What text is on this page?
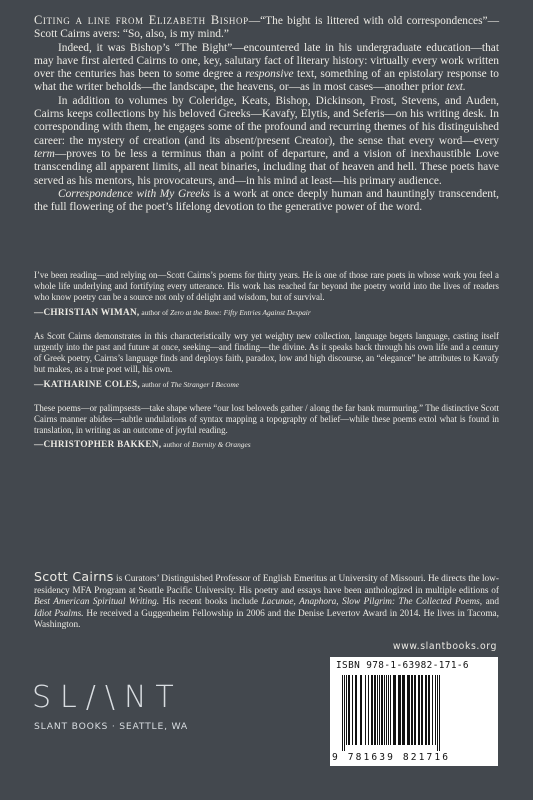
Citing a line from Elizabeth Bishop—“The bight is littered with old correspondences”—Scott Cairns avers: “So, also, is my mind.”

Indeed, it was Bishop’s “The Bight”—encountered late in his undergraduate education—that may have first alerted Cairns to one, key, salutary fact of literary history: virtually every work written over the centuries has been to some degree a responsive text, something of an epistolary response to what the writer beholds—the landscape, the heavens, or—as in most cases—another prior text.

In addition to volumes by Coleridge, Keats, Bishop, Dickinson, Frost, Stevens, and Auden, Cairns keeps collections by his beloved Greeks—Kavafy, Elytis, and Seferis—on his writing desk. In corresponding with them, he engages some of the profound and recurring themes of his distinguished career: the mystery of creation (and its absent/present Creator), the sense that every word—every term—proves to be less a terminus than a point of departure, and a vision of inexhaustible Love transcending all apparent limits, all neat binaries, including that of heaven and hell. These poets have served as his mentors, his provocateurs, and—in his mind at least—his primary audience.

Correspondence with My Greeks is a work at once deeply human and hauntingly transcendent, the full flowering of the poet’s lifelong devotion to the generative power of the word.

I’ve been reading—and relying on—Scott Cairns’s poems for thirty years. He is one of those rare poets in whose work you feel a whole life underlying and fortifying every utterance. His work has reached far beyond the poetry world into the lives of readers who know poetry can be a source not only of delight and wisdom, but of survival.

—CHRISTIAN WIMAN, author of Zero at the Bone: Fifty Entries Against Despair

As Scott Cairns demonstrates in this characteristically wry yet weighty new collection, language begets language, casting itself urgently into the past and future at once, seeking—and finding—the divine. As it speaks back through his own life and a century of Greek poetry, Cairns’s language finds and deploys faith, paradox, low and high discourse, an “elegance” he attributes to Kavafy but makes, as a true poet will, his own.

—KATHARINE COLES, author of The Stranger I Become

These poems—or palimpsests—take shape where “our lost beloveds gather / along the far bank murmuring.” The distinctive Scott Cairns manner abides—subtle undulations of syntax mapping a topography of belief—while these poems extol what is found in translation, in writing as an outcome of joyful reading.

—CHRISTOPHER BAKKEN, author of Eternity & Oranges
Scott Cairns is Curators’ Distinguished Professor of English Emeritus at University of Missouri. He directs the low-residency MFA Program at Seattle Pacific University. His poetry and essays have been anthologized in multiple editions of Best American Spiritual Writing. His recent books include Lacunae, Anaphora, Slow Pilgrim: The Collected Poems, and Idiot Psalms. He received a Guggenheim Fellowship in 2006 and the Denise Levertov Award in 2014. He lives in Tacoma, Washington.
SL/\NT
SLANT BOOKS · SEATTLE, WA
www.slantbooks.org
ISBN 978-1-63982-171-6
9 781639 821716
